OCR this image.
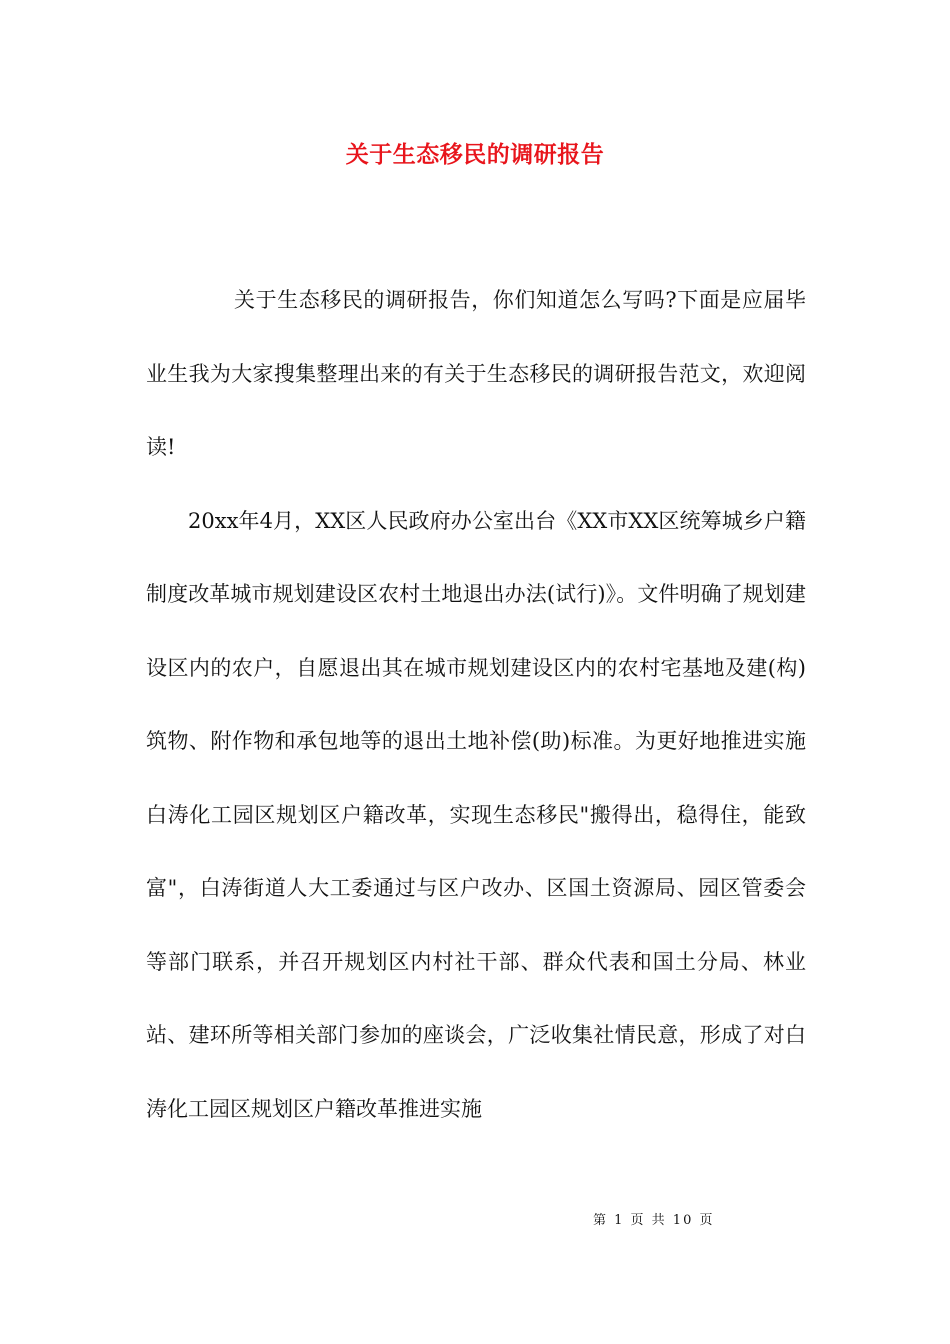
关于生态移民的调研报告

关于生态移民的调研报告，你们知道怎么写吗?下面是应届毕业生我为大家搜集整理出来的有关于生态移民的调研报告范文，欢迎阅读!

20xx年4月，XX区人民政府办公室出台《XX市XX区统筹城乡户籍制度改革城市规划建设区农村土地退出办法(试行)》。文件明确了规划建设区内的农户，自愿退出其在城市规划建设区内的农村宅基地及建(构)筑物、附作物和承包地等的退出土地补偿(助)标准。为更好地推进实施白涛化工园区规划区户籍改革，实现生态移民"搬得出，稳得住，能致富"，白涛街道人大工委通过与区户改办、区国土资源局、园区管委会等部门联系，并召开规划区内村社干部、群众代表和国土分局、林业站、建环所等相关部门参加的座谈会，广泛收集社情民意，形成了对白涛化工园区规划区户籍改革推进实施

第 1 页 共 10 页
